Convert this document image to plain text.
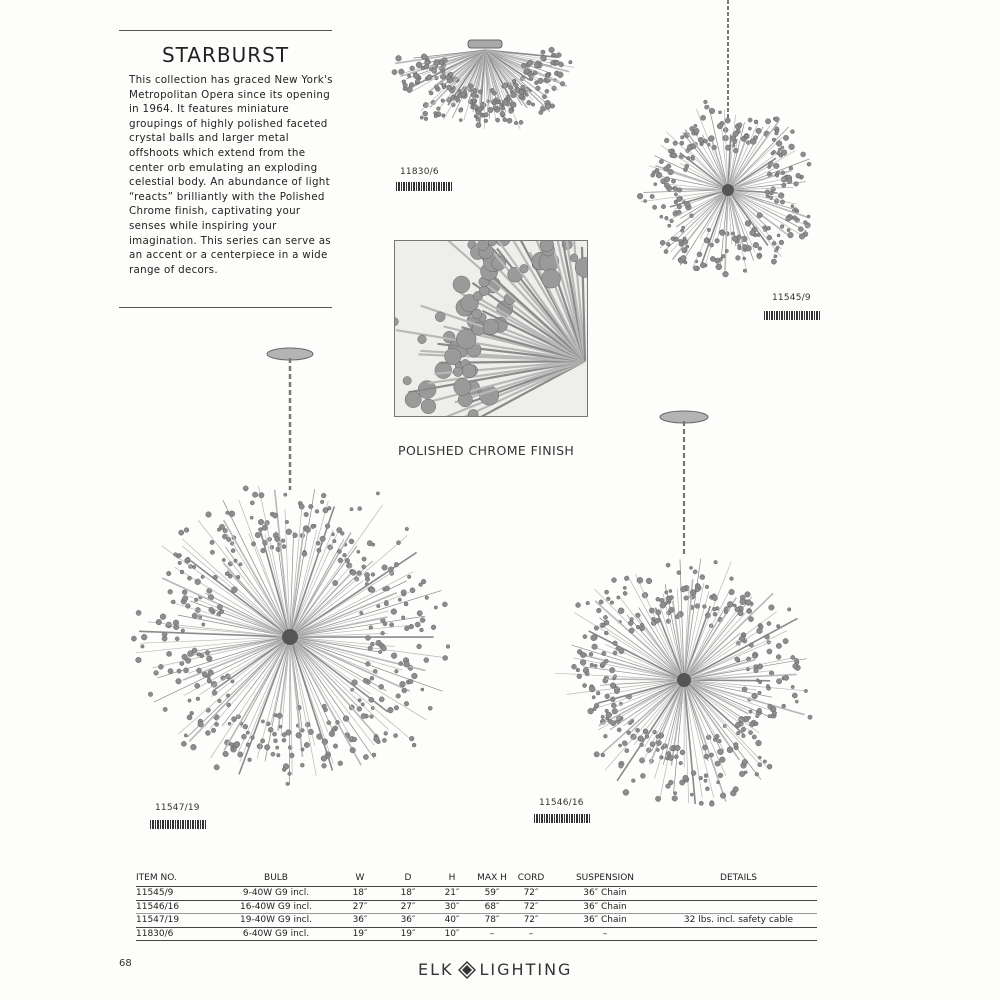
STARBURST

This collection has graced New York's Metropolitan Opera since its opening in 1964. It features miniature groupings of highly polished faceted crystal balls and larger metal offshoots which extend from the center orb emulating an exploding celestial body. An abundance of light “reacts” brilliantly with the Polished Chrome finish, captivating your senses while inspiring your imagination. This series can serve as an accent or a centerpiece in a wide range of decors.

11830/6
11545/9
POLISHED CHROME FINISH
11547/19	11546/16
ITEM NO.	BULB	W	D	H	MAX H	CORD	SUSPENSION	DETAILS
11545/9	9-40W G9 incl.	18″	18″	21″	59″	72″	36″ Chain	
11546/16	16-40W G9 incl.	27″	27″	30″	68″	72″	36″ Chain	
11547/19	19-40W G9 incl.	36″	36″	40″	78″	72″	36″ Chain	32 lbs. incl. safety cable
11830/6	6-40W G9 incl.	19″	19″	10″	–	–	–	
68	ELK LIGHTING
